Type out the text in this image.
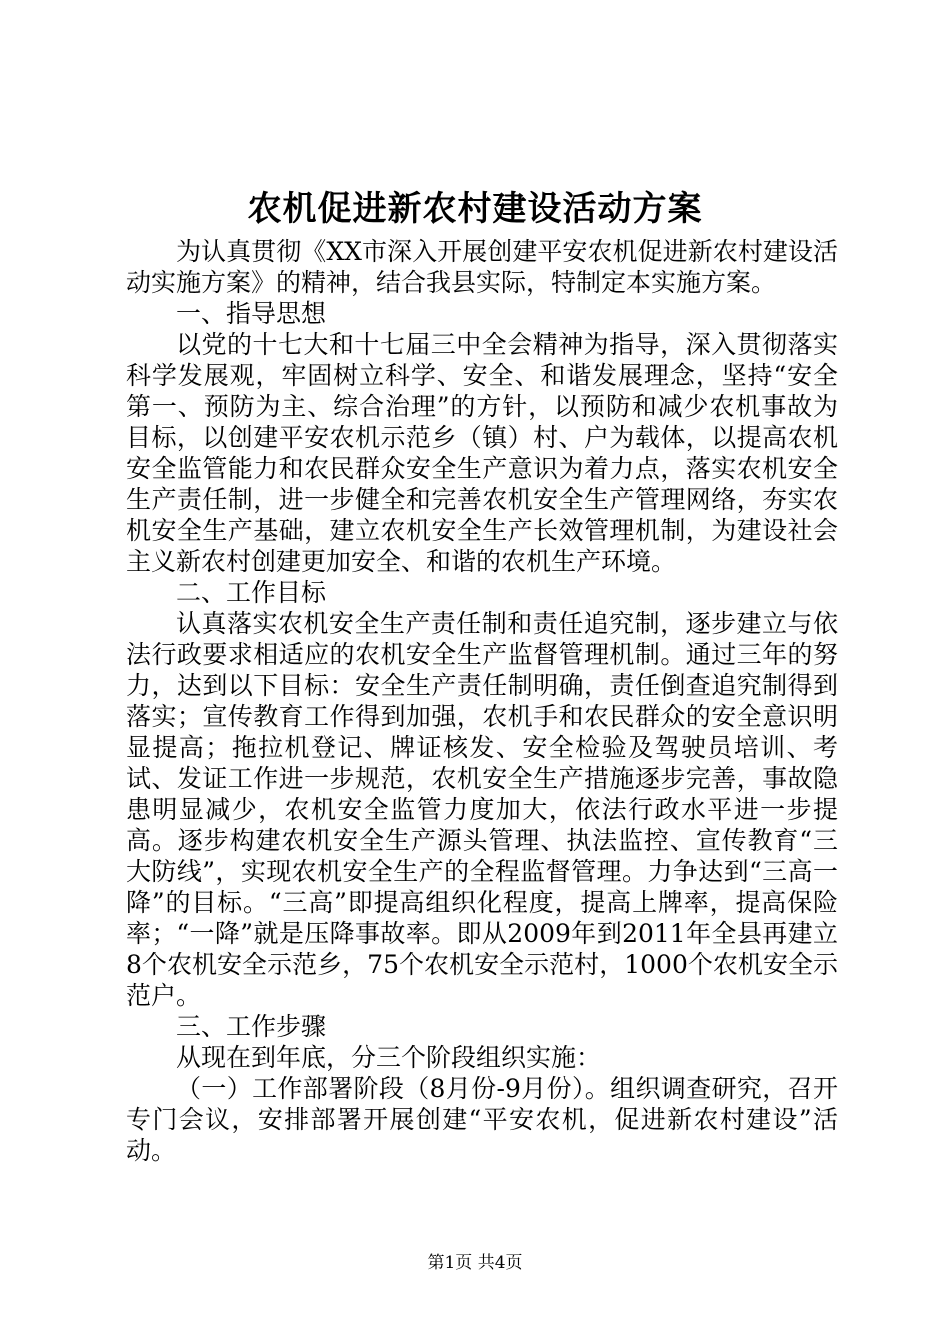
农机促进新农村建设活动方案

为认真贯彻《XX市深入开展创建平安农机促进新农村建设活动实施方案》的精神，结合我县实际，特制定本实施方案。

一、指导思想

以党的十七大和十七届三中全会精神为指导，深入贯彻落实科学发展观，牢固树立科学、安全、和谐发展理念，坚持“安全第一、预防为主、综合治理”的方针，以预防和减少农机事故为目标，以创建平安农机示范乡（镇）村、户为载体，以提高农机安全监管能力和农民群众安全生产意识为着力点，落实农机安全生产责任制，进一步健全和完善农机安全生产管理网络，夯实农机安全生产基础，建立农机安全生产长效管理机制，为建设社会主义新农村创建更加安全、和谐的农机生产环境。

二、工作目标

认真落实农机安全生产责任制和责任追究制，逐步建立与依法行政要求相适应的农机安全生产监督管理机制。通过三年的努力，达到以下目标：安全生产责任制明确，责任倒查追究制得到落实；宣传教育工作得到加强，农机手和农民群众的安全意识明显提高；拖拉机登记、牌证核发、安全检验及驾驶员培训、考试、发证工作进一步规范，农机安全生产措施逐步完善，事故隐患明显减少，农机安全监管力度加大，依法行政水平进一步提高。逐步构建农机安全生产源头管理、执法监控、宣传教育“三大防线”，实现农机安全生产的全程监督管理。力争达到“三高一降”的目标。“三高”即提高组织化程度，提高上牌率，提高保险率；“一降”就是压降事故率。即从2009年到2011年全县再建立8个农机安全示范乡，75个农机安全示范村，1000个农机安全示范户。

三、工作步骤

从现在到年底，分三个阶段组织实施：

（一）工作部署阶段（8月份-9月份）。组织调查研究，召开专门会议，安排部署开展创建“平安农机，促进新农村建设”活动。

第1页 共4页
